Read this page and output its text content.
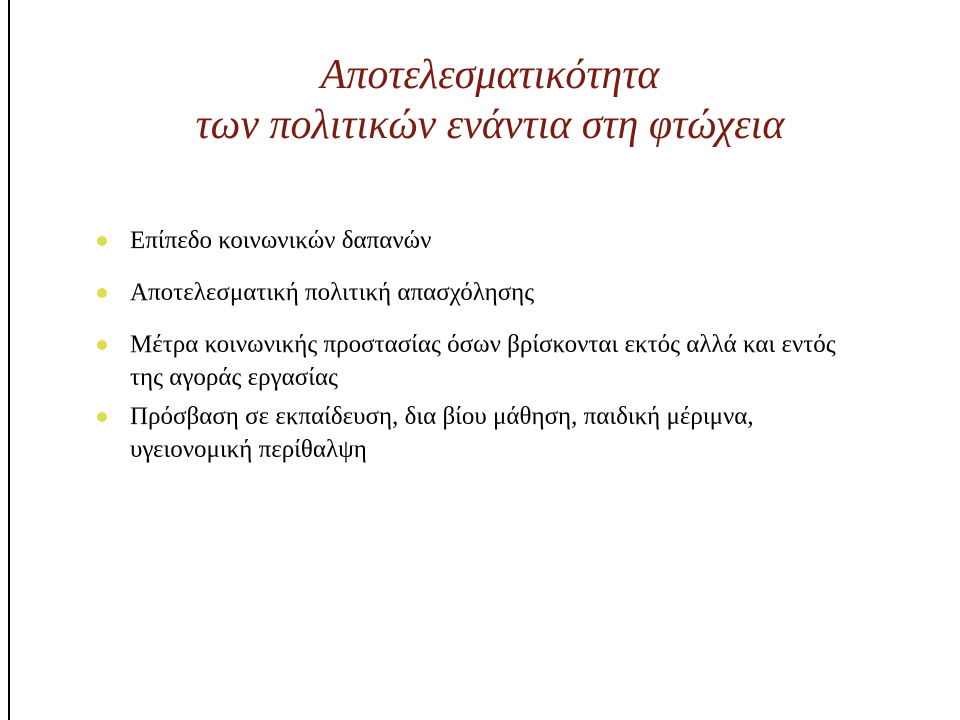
Αποτελεσματικότητα
των πολιτικών ενάντια στη φτώχεια
Επίπεδο κοινωνικών δαπανών
Αποτελεσματική πολιτική απασχόλησης
Μέτρα κοινωνικής προστασίας όσων βρίσκονται εκτός αλλά και εντός της αγοράς εργασίας
Πρόσβαση σε εκπαίδευση, δια βίου μάθηση, παιδική μέριμνα, υγειονομική περίθαλψη
